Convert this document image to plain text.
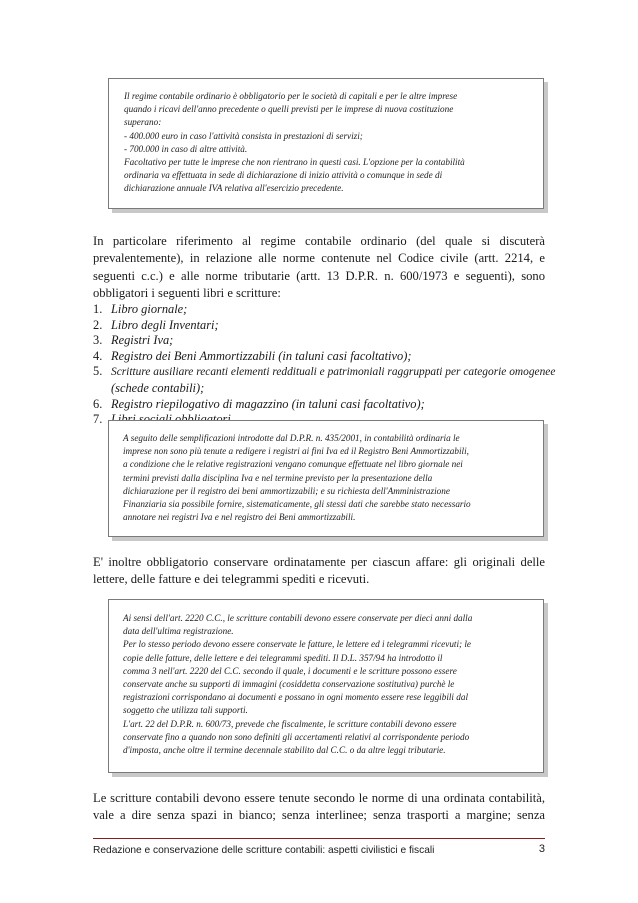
Il regime contabile ordinario è obbligatorio per le società di capitali e per le altre imprese
quando i ricavi dell'anno precedente o quelli previsti per le imprese di nuova costituzione
superano:
- 400.000 euro in caso l'attività consista in prestazioni di servizi;
- 700.000 in caso di altre attività.
Facoltativo per tutte le imprese che non rientrano in questi casi. L'opzione per la contabilità
ordinaria va effettuata in sede di dichiarazione di inizio attività o comunque in sede di
dichiarazione annuale IVA relativa all'esercizio precedente.
In particolare riferimento al regime contabile ordinario (del quale si discuterà
prevalentemente), in relazione alle norme contenute nel Codice civile (artt. 2214, e
seguenti c.c.) e alle norme tributarie (artt. 13 D.P.R. n. 600/1973 e seguenti), sono
obbligatori i seguenti libri e scritture:
1. Libro giornale;
2. Libro degli Inventari;
3. Registri Iva;
4. Registro dei Beni Ammortizzabili (in taluni casi facoltativo);
5. Scritture ausiliare recanti elementi reddituali e patrimoniali raggruppati per categorie omogenee
(schede contabili);
6. Registro riepilogativo di magazzino (in taluni casi facoltativo);
7.
A seguito delle semplificazioni introdotte dal D.P.R. n. 435/2001, in contabilità ordinaria le
imprese non sono più tenute a redigere i registri ai fini Iva ed il Registro Beni Ammortizzabili,
a condizione che le relative registrazioni vengano comunque effettuate nel libro giornale nei
termini previsti dalla disciplina Iva e nel termine previsto per la presentazione della
dichiarazione per il registro dei beni ammortizzabili; e su richiesta dell'Amministrazione
Finanziaria sia possibile fornire, sistematicamente, gli stessi dati che sarebbe stato necessario
annotare nei registri Iva e nel registro dei Beni ammortizzabili.
E' inoltre obbligatorio conservare ordinatamente per ciascun affare: gli originali delle
lettere, delle fatture e dei telegrammi spediti e ricevuti.
Ai sensi dell'art. 2220 C.C., le scritture contabili devono essere conservate per dieci anni dalla
data dell'ultima registrazione.
Per lo stesso periodo devono essere conservate le fatture, le lettere ed i telegrammi ricevuti; le
copie delle fatture, delle lettere e dei telegrammi spediti. Il D.L. 357/94 ha introdotto il
comma 3 nell'art. 2220 del C.C. secondo il quale, i documenti e le scritture possono essere
conservate anche su supporti di immagini (cosiddetta conservazione sostitutiva) purchè le
registrazioni corrispondano ai documenti e possano in ogni momento essere rese leggibili dal
soggetto che utilizza tali supporti.
L'art. 22 del D.P.R. n. 600/73, prevede che fiscalmente, le scritture contabili devono essere
conservate fino a quando non sono definiti gli accertamenti relativi al corrispondente periodo
d'imposta, anche oltre il termine decennale stabilito dal C.C. o da altre leggi tributarie.
Le scritture contabili devono essere tenute secondo le norme di una ordinata contabilità,
vale a dire senza spazi in bianco; senza interlinee; senza trasporti a margine; senza
Redazione e conservazione delle scritture contabili: aspetti civilistici e fiscali	3
